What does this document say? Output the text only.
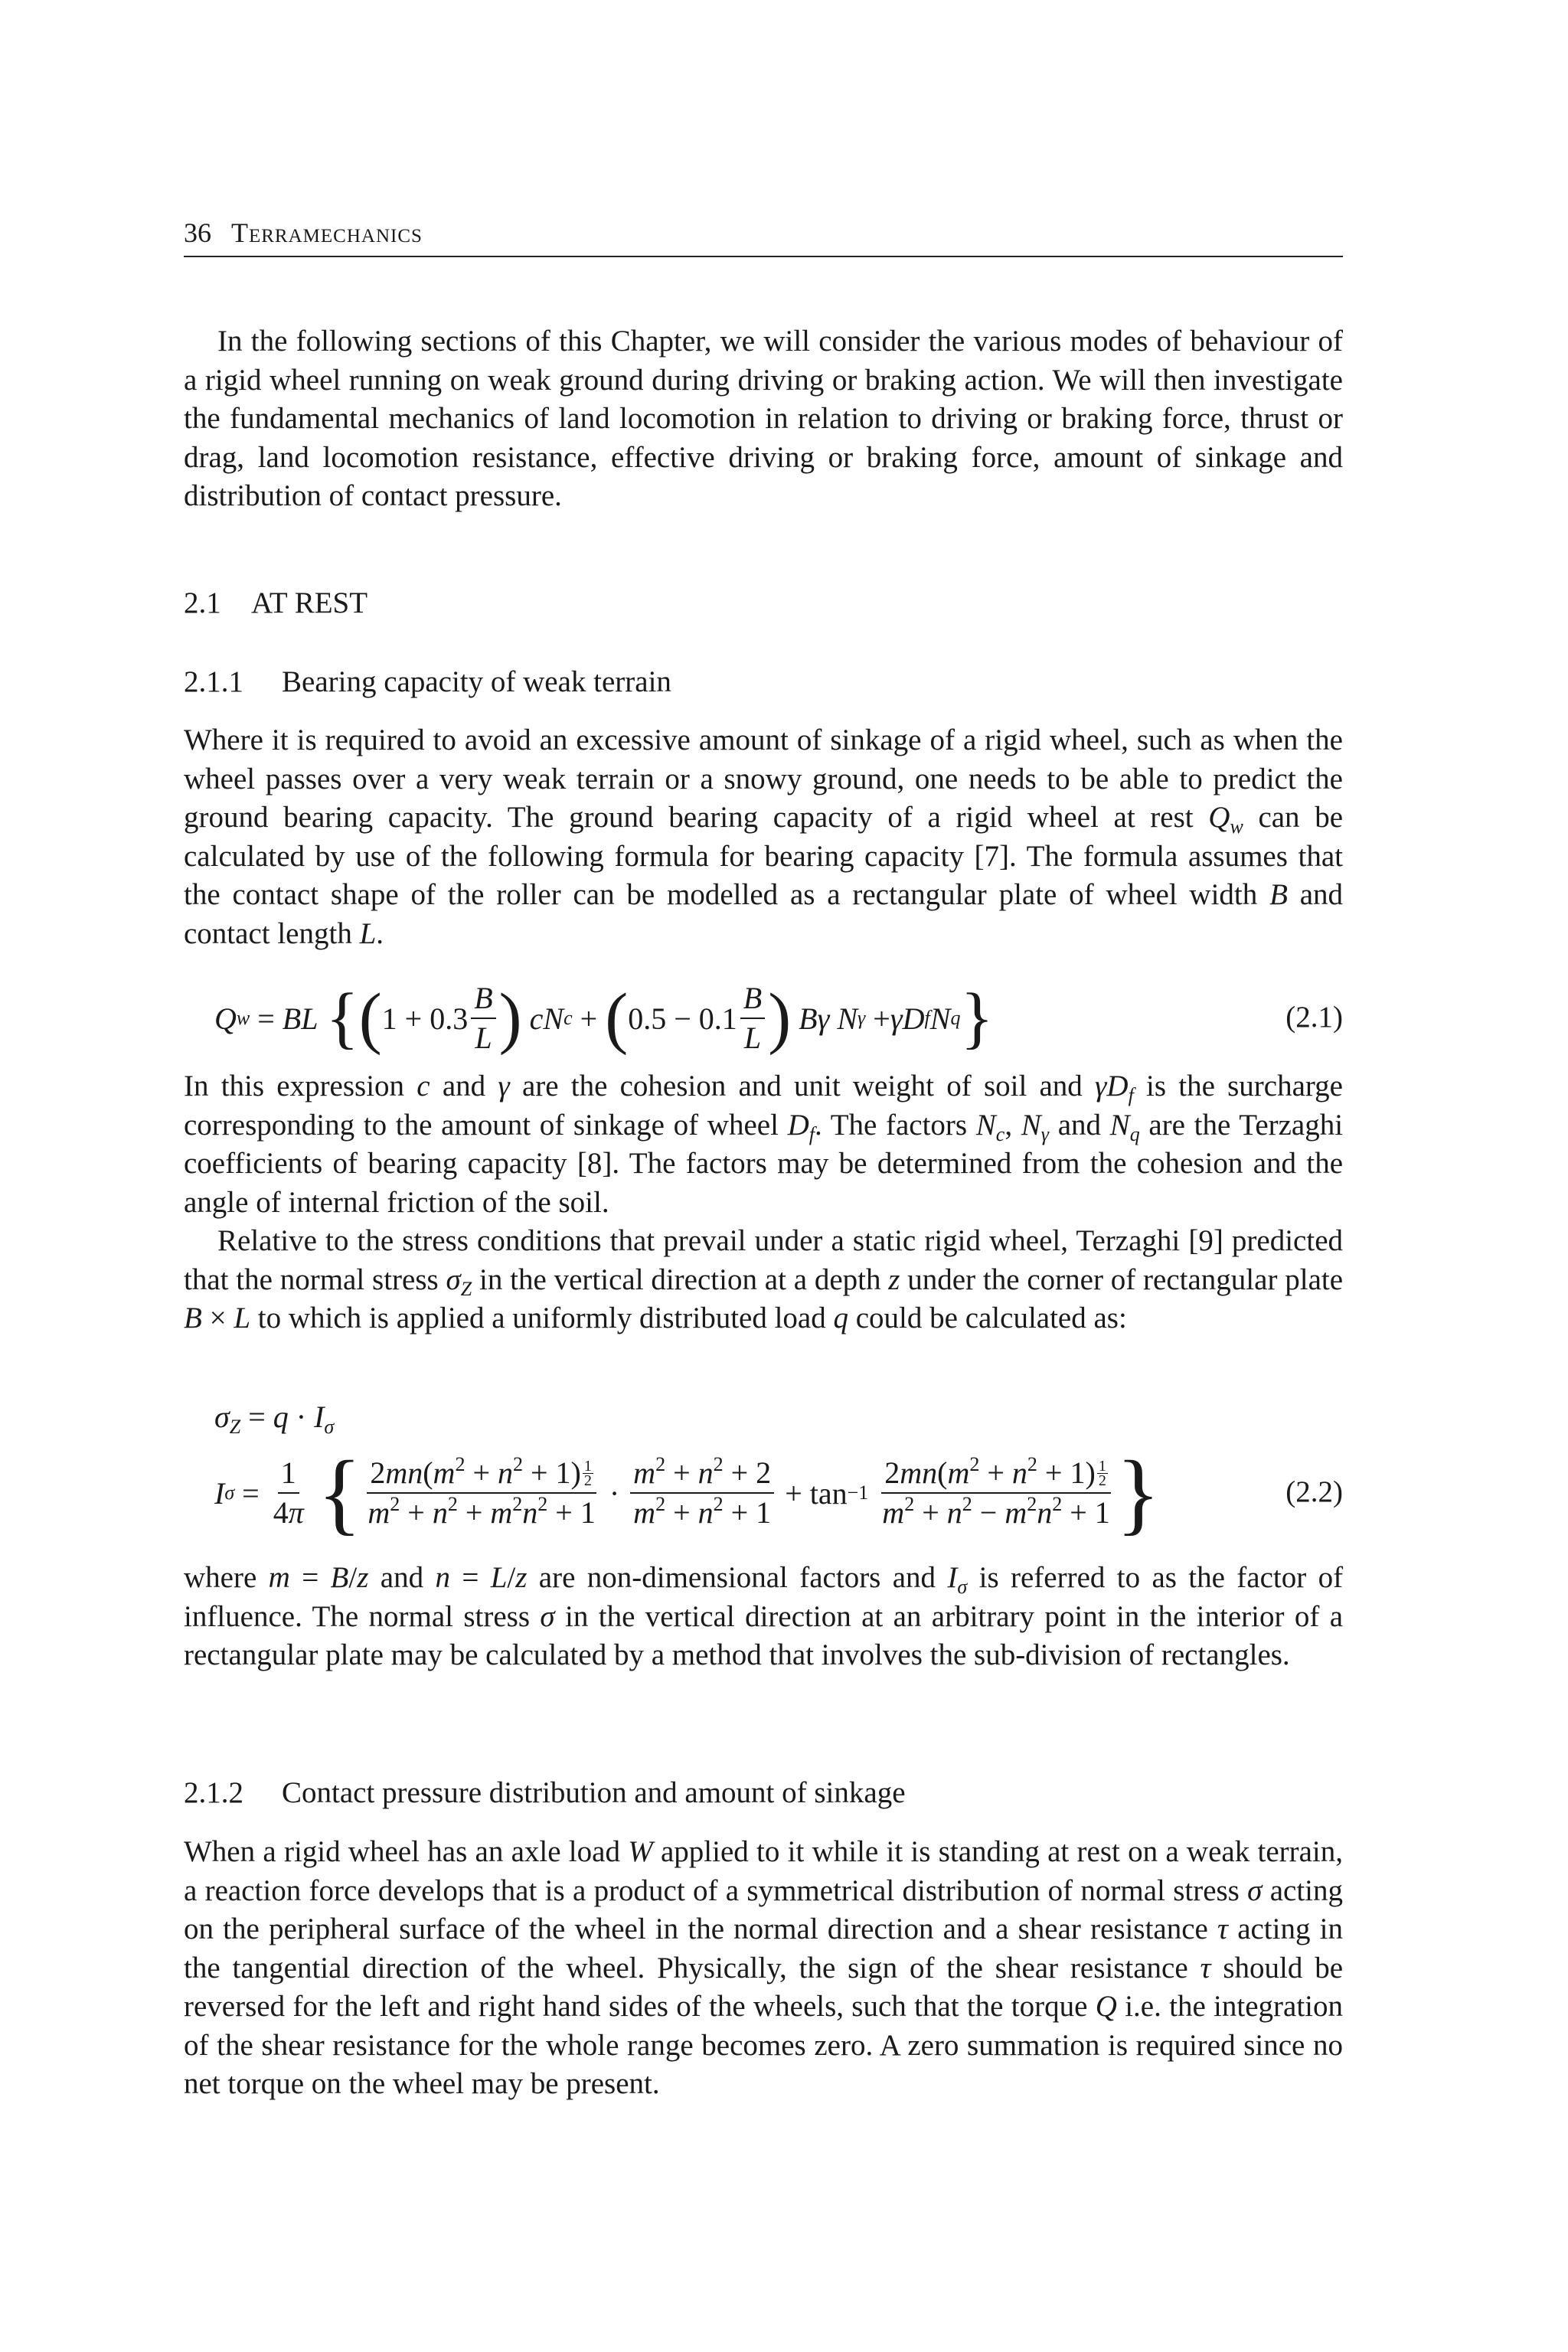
36 Terramechanics

In the following sections of this Chapter, we will consider the various modes of behaviour of a rigid wheel running on weak ground during driving or braking action. We will then investigate the fundamental mechanics of land locomotion in relation to driving or braking force, thrust or drag, land locomotion resistance, effective driving or braking force, amount of sinkage and distribution of contact pressure.

2.1 AT REST
2.1.1 Bearing capacity of weak terrain

Where it is required to avoid an excessive amount of sinkage of a rigid wheel, such as when the wheel passes over a very weak terrain or a snowy ground, one needs to be able to predict the ground bearing capacity. The ground bearing capacity of a rigid wheel at rest $Q_w$ can be calculated by use of the following formula for bearing capacity [7]. The formula assumes that the contact shape of the roller can be modelled as a rectangular plate of wheel width B and contact length L.

Q w = BL
{ ( $1 + 0.3 \frac{B}{L}$ )
cN c + ( $0.5 - 0.1 \frac{B}{L}$ )
Bγ N γ + γD f N q }	(2.1)

In this expression c and γ are the cohesion and unit weight of soil and $\gamma D_f$ is the surcharge corresponding to the amount of sinkage of wheel $D_f$. The factors $N_c$, $N_\gamma$ and $N_q$ are the Terzaghi coefficients of bearing capacity [8]. The factors may be determined from the cohesion and the angle of internal friction of the soil.

Relative to the stress conditions that prevail under a static rigid wheel, Terzaghi [9] predicted that the normal stress $\sigma_Z$ in the vertical direction at a depth z under the corner of rectangular plate B × L to which is applied a uniformly distributed load q could be calculated as:

$\sigma_Z = q \cdot I_\sigma$
I $\sigma = \frac{1}{4\pi}$
{ $\frac{2mn(m^2 + n^2 + 1) \frac{1}{2}}{m^2 + n^2 + m^2n^2 + 1} \cdot \frac{m^2 + n^2 + 2}{m^2 + n^2 + 1} + \tan -1$
$\frac{2mn(m^2 + n^2 + 1) \frac{1}{2}}{m^2 + n^2 - m^2n^2 + 1}$ }	(2.2)

where m = B/z and n = L/z are non-dimensional factors and $I_\sigma$ is referred to as the factor of influence. The normal stress σ in the vertical direction at an arbitrary point in the interior of a rectangular plate may be calculated by a method that involves the sub-division of rectangles.

2.1.2 Contact pressure distribution and amount of sinkage

When a rigid wheel has an axle load W applied to it while it is standing at rest on a weak terrain, a reaction force develops that is a product of a symmetrical distribution of normal stress σ acting on the peripheral surface of the wheel in the normal direction and a shear resistance τ acting in the tangential direction of the wheel. Physically, the sign of the shear resistance τ should be reversed for the left and right hand sides of the wheels, such that the torque Q i.e. the integration of the shear resistance for the whole range becomes zero. A zero summation is required since no net torque on the wheel may be present.
